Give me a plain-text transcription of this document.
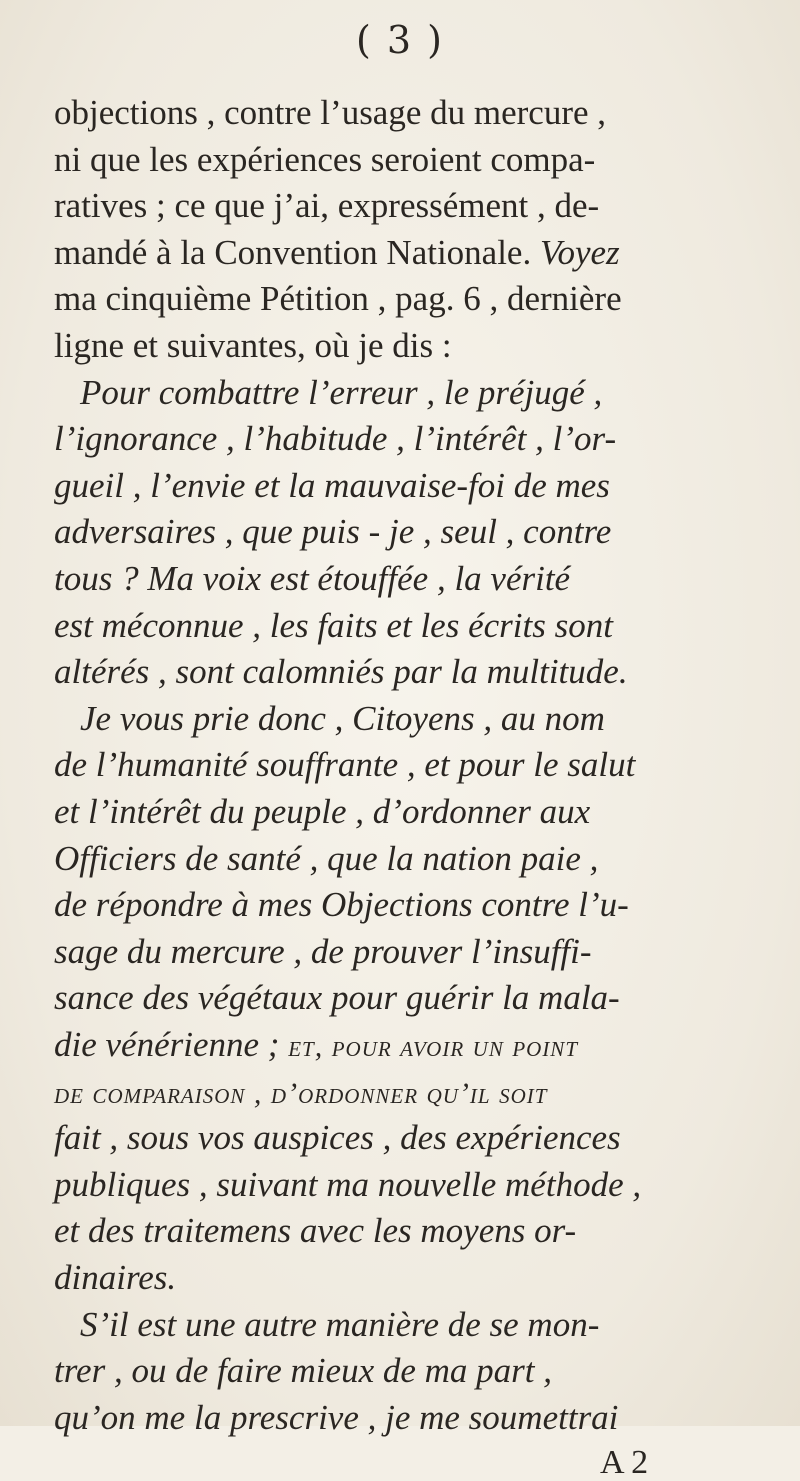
( 3 )
objections , contre l’usage du mercure ,
ni que les expériences seroient compa-
ratives ; ce que j’ai, expressément , de-
mandé à la Convention Nationale. Voyez
ma cinquième Pétition , pag. 6 , dernière
ligne et suivantes, où je dis :
Pour combattre l’erreur , le préjugé ,
l’ignorance , l’habitude , l’intérêt , l’or-
gueil , l’envie et la mauvaise-foi de mes
adversaires , que puis - je , seul , contre
tous ? Ma voix est étouffée , la vérité
est méconnue , les faits et les écrits sont
altérés , sont calomniés par la multitude.
Je vous prie donc , Citoyens , au nom
de l’humanité souffrante , et pour le salut
et l’intérêt du peuple , d’ordonner aux
Officiers de santé , que la nation paie ,
de répondre à mes Objections contre l’u-
sage du mercure , de prouver l’insuffi-
sance des végétaux pour guérir la mala-
die vénérienne ; et, pour avoir un point
de comparaison , d’ordonner qu’il soit
fait , sous vos auspices , des expériences
publiques , suivant ma nouvelle méthode ,
et des traitemens avec les moyens or-
dinaires.
S’il est une autre manière de se mon-
trer , ou de faire mieux de ma part ,
qu’on me la prescrive , je me soumettrai
A 2
